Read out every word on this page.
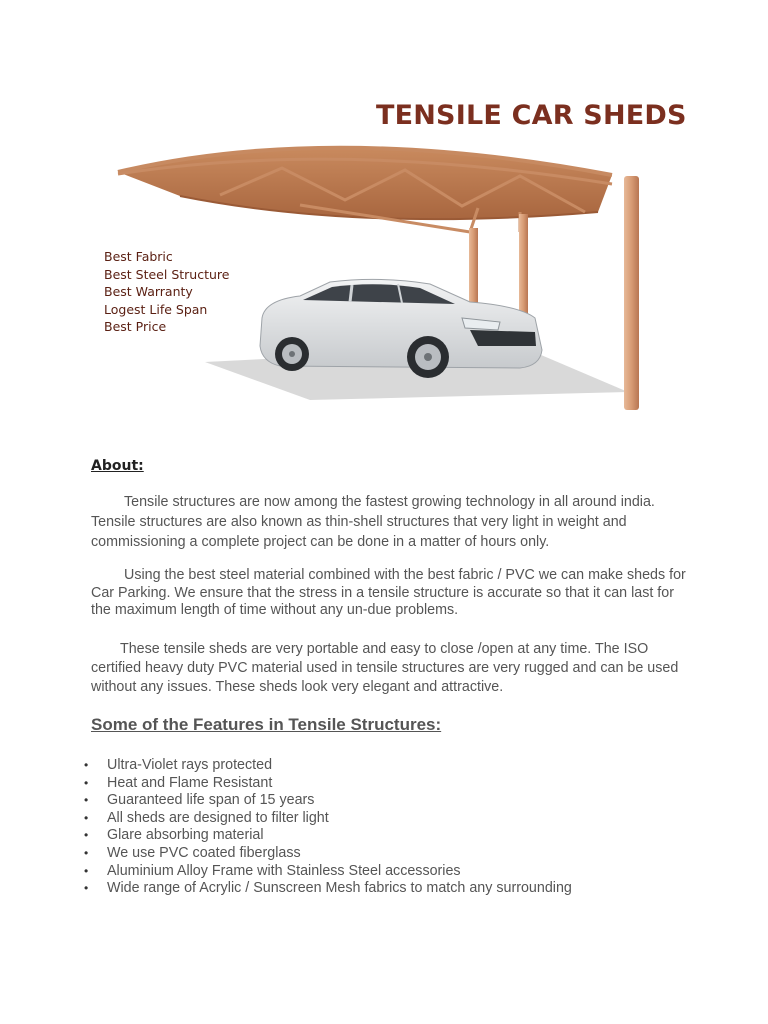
TENSILE CAR SHEDS
Best Fabric
Best Steel Structure
Best Warranty
Logest Life Span
Best Price
About:
Tensile structures are now among the fastest growing technology in all around india. Tensile structures are also known as thin-shell structures that very light in weight and commissioning a complete project can be done in a matter of hours only.
Using the best steel material combined with the best fabric / PVC we can make sheds for Car Parking. We ensure that the stress in a tensile structure is accurate so that it can last for the maximum length of time without any un-due problems.
These tensile sheds are very portable and easy to close /open at any time. The ISO certified heavy duty PVC material used in tensile structures are very rugged and can be used without any issues. These sheds look very elegant and attractive.
Some of the Features in Tensile Structures:
• Ultra-Violet rays protected
• Heat and Flame Resistant
• Guaranteed life span of 15 years
• All sheds are designed to filter light
• Glare absorbing material
• We use PVC coated fiberglass
• Aluminium Alloy Frame with Stainless Steel accessories
• Wide range of Acrylic / Sunscreen Mesh fabrics to match any surrounding
